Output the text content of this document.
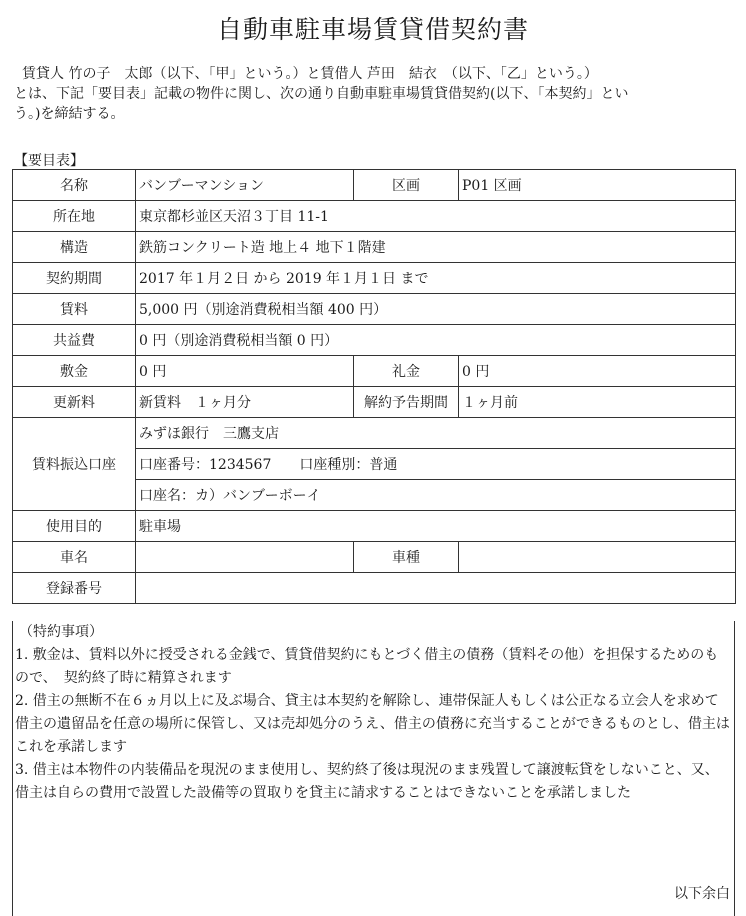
自動車駐車場賃貸借契約書

賃貸人 竹の子　太郎（以下、「甲」という。）と賃借人 芦田　結衣　（以下、「乙」という。）

とは、下記「要目表」記載の物件に関し、次の通り自動車駐車場賃貸借契約(以下、「本契約」とい

う。)を締結する。

【要目表】
名称	バンブーマンション	区画	P01 区画
所在地	東京都杉並区天沼３丁目 11-1		
構造	鉄筋コンクリート造 地上４ 地下１階建		
契約期間	2017 年１月２日 から 2019 年１月１日 まで		
賃料	5,000 円（別途消費税相当額 400 円）		
共益費	0 円（別途消費税相当額 0 円）		
敷金	0 円	礼金	0 円
更新料	新賃料　１ヶ月分	解約予告期間	１ヶ月前
賃料振込口座	みずほ銀行　三鷹支店		
	口座番号：1234567　　口座種別：普通		
	口座名：カ）バンブーボーイ		
使用目的	駐車場		
車名		車種	
登録番号			
（特約事項）
1. 敷金は、賃料以外に授受される金銭で、賃貸借契約にもとづく借主の債務（賃料その他）を担保するためのもので、　契約終了時に精算されます
2. 借主の無断不在６ヵ月以上に及ぶ場合、貸主は本契約を解除し、連帯保証人もしくは公正なる立会人を求めて借主の遺留品を任意の場所に保管し、又は売却処分のうえ、借主の債務に充当することができるものとし、借主はこれを承諾します
3. 借主は本物件の内装備品を現況のまま使用し、契約終了後は現況のまま残置して譲渡転貸をしないこと、又、借主は自らの費用で設置した設備等の買取りを貸主に請求することはできないことを承諾しました
以下余白
